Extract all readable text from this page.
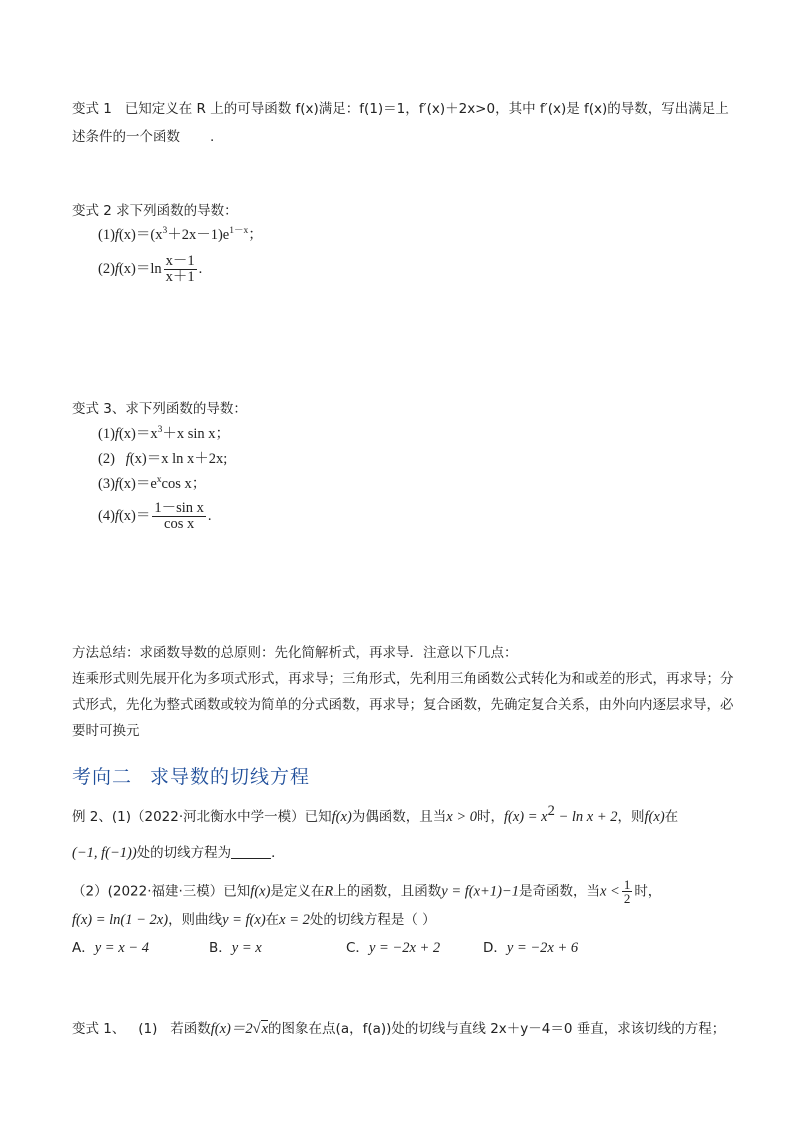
变式 1 已知定义在 R 上的可导函数 f(x)满足：f(1)＝1，f′(x)＋2x>0，其中 f′(x)是 f(x)的导数，写出满足上
述条件的一个函数 .
变式 2 求下列函数的导数：
$(1)f(x)=(x^3+2x-1)e^{1-x}$；
$(2)f(x)=\ln \frac{x-1}{x+1}$ .
变式 3、求下列函数的导数：
$(1)f(x)=x^3+x$ sin x；
(2) f(x)＝x ln x＋2x;
$(3)f(x)=e^x\cos$ x；
$(4)f(x)= \frac{\text{1－sin x}}{\text{cos x}}$ .
方法总结：求函数导数的总原则：先化简解析式，再求导．注意以下几点：
连乘形式则先展开化为多项式形式，再求导；三角形式，先利用三角函数公式转化为和或差的形式，再求导；分式形式，先化为整式函数或较为简单的分式函数，再求导；复合函数，先确定复合关系，由外向内逐层求导，必要时可换元
考向二 求导数的切线方程
例 2、(1)（2022·河北衡水中学一模）已知f(x)为偶函数，且当x > 0时，$f(x) = x^2 - \ln x + 2$，则f(x)在
(−1, f(−1))处的切线方程为	．
（2）(2022·福建·三模）已知f(x)是定义在R上的函数，且函数y = f(x+1)−1是奇函数，当$x < \frac{1}{2}$ 时，
f(x) = ln(1 − 2x)，则曲线y = f(x)在x = 2处的切线方程是（ ）
A．y = x − 4	B．y = x	C．y = −2x + 2	D．y = −2x + 6
变式 1、 (1) 若函数f(x)＝2√x的图象在点(a，f(a))处的切线与直线 2x＋y－4＝0 垂直，求该切线的方程；
